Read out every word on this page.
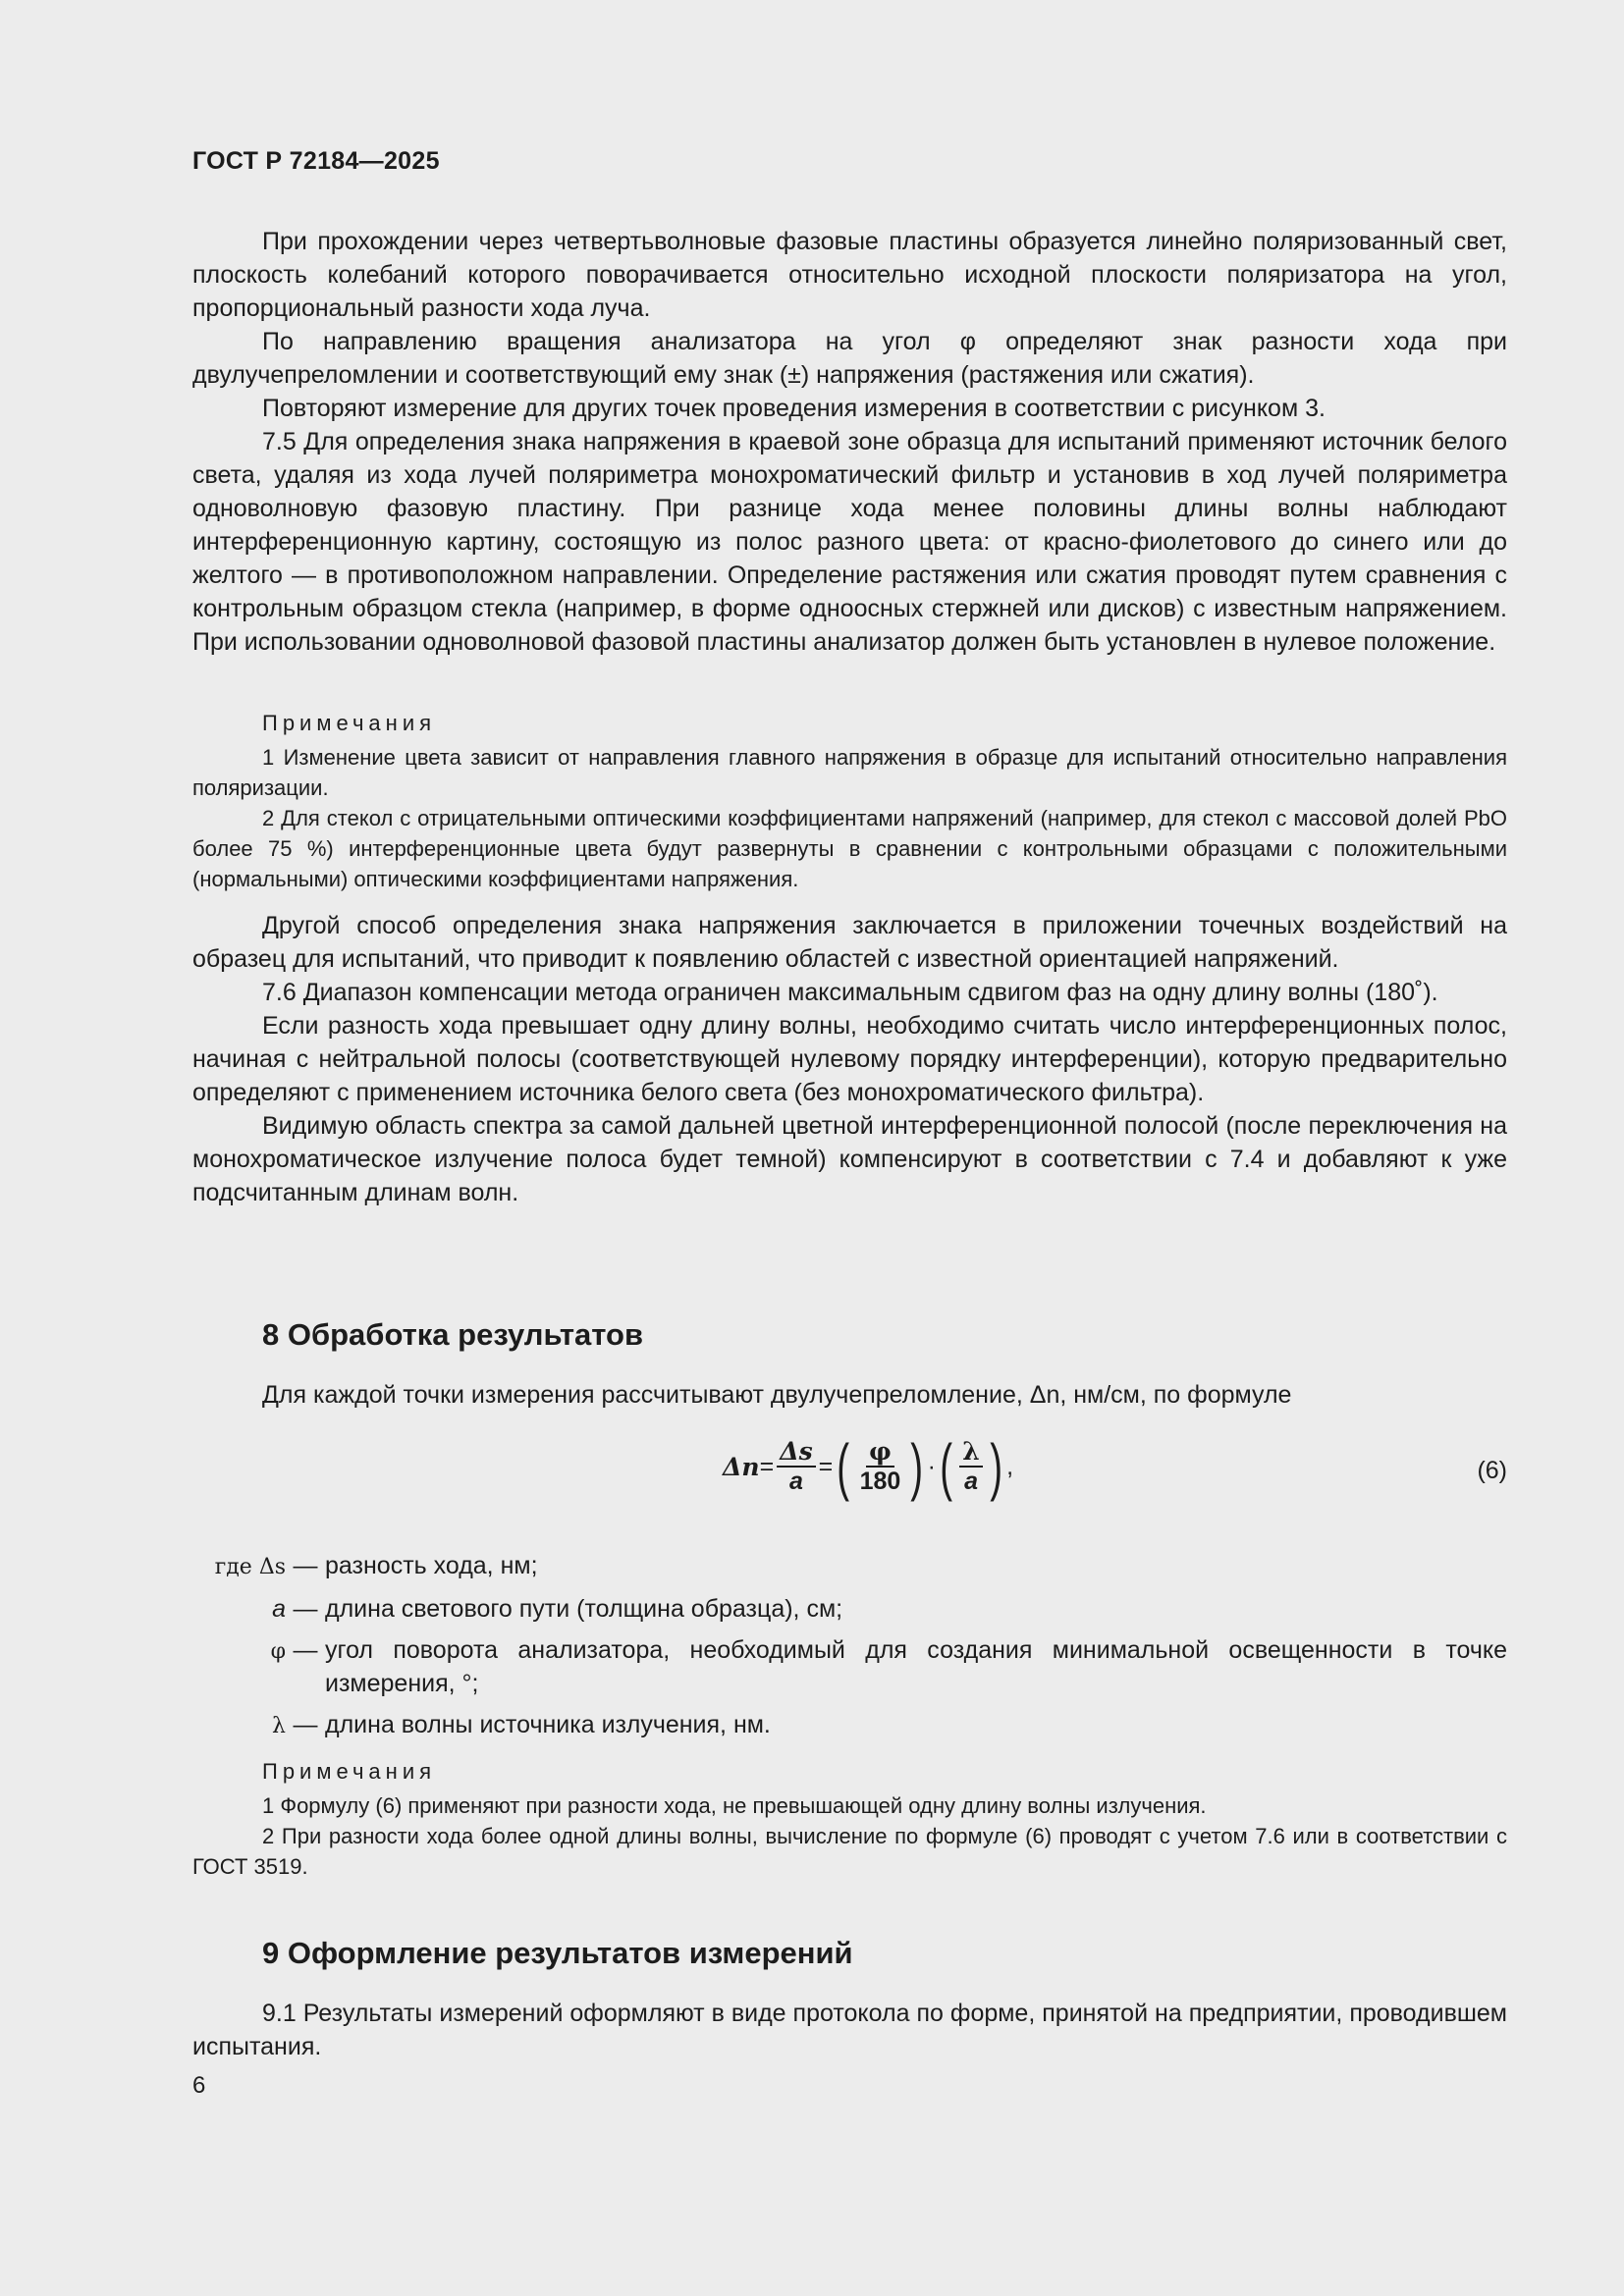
ГОСТ Р 72184—2025

При прохождении через четвертьволновые фазовые пластины образуется линейно поляризованный свет, плоскость колебаний которого поворачивается относительно исходной плоскости поляризатора на угол, пропорциональный разности хода луча.

По направлению вращения анализатора на угол φ определяют знак разности хода при двулучепреломлении и соответствующий ему знак (±) напряжения (растяжения или сжатия).

Повторяют измерение для других точек проведения измерения в соответствии с рисунком 3.

7.5 Для определения знака напряжения в краевой зоне образца для испытаний применяют источник белого света, удаляя из хода лучей поляриметра монохроматический фильтр и установив в ход лучей поляриметра одноволновую фазовую пластину. При разнице хода менее половины длины волны наблюдают интерференционную картину, состоящую из полос разного цвета: от красно-фиолетового до синего или до желтого — в противоположном направлении. Определение растяжения или сжатия проводят путем сравнения с контрольным образцом стекла (например, в форме одноосных стержней или дисков) с известным напряжением. При использовании одноволновой фазовой пластины анализатор должен быть установлен в нулевое положение.

Примечания

1 Изменение цвета зависит от направления главного напряжения в образце для испытаний относительно направления поляризации.

2 Для стекол с отрицательными оптическими коэффициентами напряжений (например, для стекол с массовой долей PbO более 75 %) интерференционные цвета будут развернуты в сравнении с контрольными образцами с положительными (нормальными) оптическими коэффициентами напряжения.

Другой способ определения знака напряжения заключается в приложении точечных воздействий на образец для испытаний, что приводит к появлению областей с известной ориентацией напряжений.

7.6 Диапазон компенсации метода ограничен максимальным сдвигом фаз на одну длину волны (180˚).

Если разность хода превышает одну длину волны, необходимо считать число интерференционных полос, начиная с нейтральной полосы (соответствующей нулевому порядку интерференции), которую предварительно определяют с применением источника белого света (без монохроматического фильтра).

Видимую область спектра за самой дальней цветной интерференционной полосой (после переключения на монохроматическое излучение полоса будет темной) компенсируют в соответствии с 7.4 и добавляют к уже подсчитанным длинам волн.

8 Обработка результатов

Для каждой точки измерения рассчитывают двулучепреломление, Δn, нм/см, по формуле

$\Delta n = \frac{\Delta s}{a}$ = ( $\frac{\varphi}{180}$ ) · ( $\frac{\lambda}{a}$ ) ,	(6)
где Δs — разность хода, нм;
a — длина светового пути (толщина образца), см;
φ — угол поворота анализатора, необходимый для создания минимальной освещенности в точке измерения, °;
λ — длина волны источника излучения, нм.
Примечания

1 Формулу (6) применяют при разности хода, не превышающей одну длину волны излучения.

2 При разности хода более одной длины волны, вычисление по формуле (6) проводят с учетом 7.6 или в соответствии с ГОСТ 3519.

9 Оформление результатов измерений

9.1 Результаты измерений оформляют в виде протокола по форме, принятой на предприятии, проводившем испытания.

6
